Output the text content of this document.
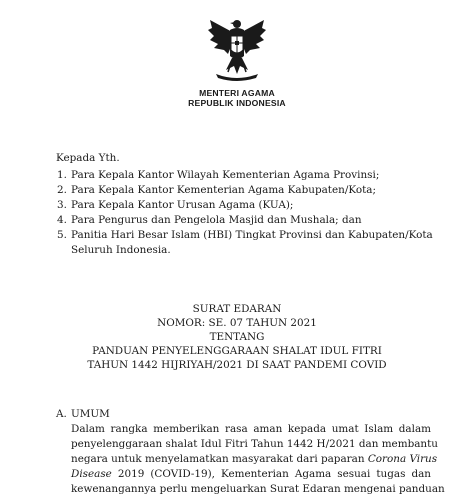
MENTERI AGAMA
REPUBLIK INDONESIA
Kepada Yth.
1. Para Kepala Kantor Wilayah Kementerian Agama Provinsi;
2. Para Kepala Kantor Kementerian Agama Kabupaten/Kota;
3. Para Kepala Kantor Urusan Agama (KUA);
4. Para Pengurus dan Pengelola Masjid dan Mushala; dan
5. Panitia Hari Besar Islam (HBI) Tingkat Provinsi dan Kabupaten/Kota
Seluruh Indonesia.
SURAT EDARAN
NOMOR: SE. 07 TAHUN 2021
TENTANG
PANDUAN PENYELENGGARAAN SHALAT IDUL FITRI
TAHUN 1442 HIJRIYAH/2021 DI SAAT PANDEMI COVID
A. UMUM
Dalam rangka memberikan rasa aman kepada umat Islam dalam
penyelenggaraan shalat Idul Fitri Tahun 1442 H/2021 dan membantu
negara untuk menyelamatkan masyarakat dari paparan Corona Virus
Disease 2019 (COVID-19), Kementerian Agama sesuai tugas dan
kewenangannya perlu mengeluarkan Surat Edaran mengenai panduan
